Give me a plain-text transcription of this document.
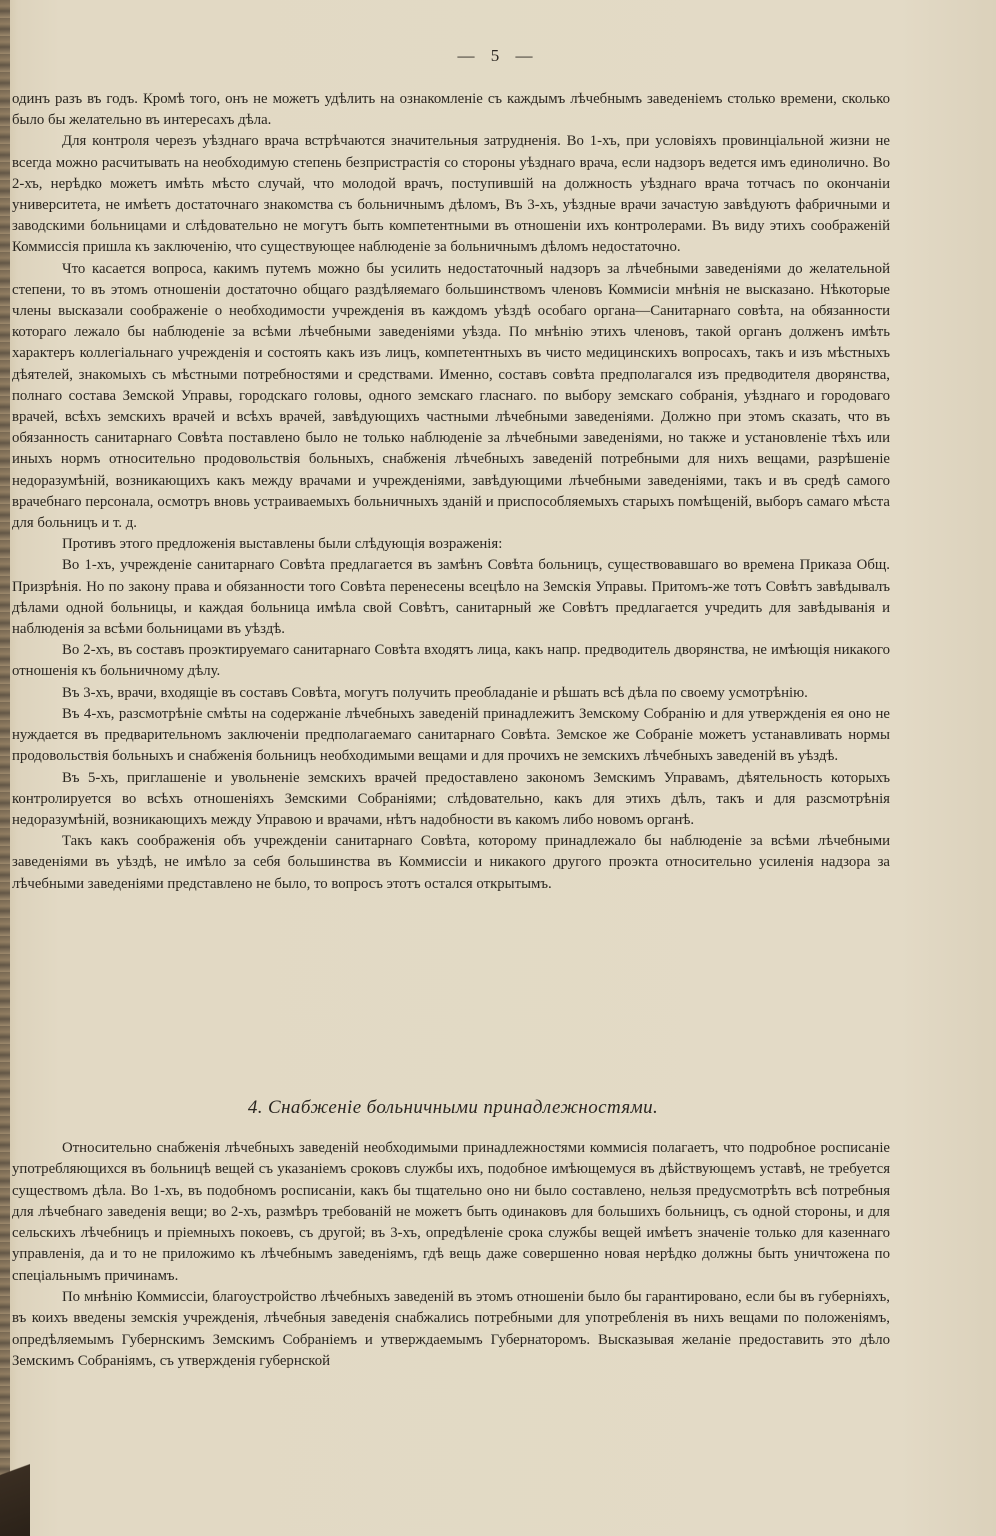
— 5 —

одинъ разъ въ годъ. Кромѣ того, онъ не можетъ удѣлить на ознакомленіе съ каждымъ лѣчебнымъ заведеніемъ столько времени, сколько было бы желательно въ интересахъ дѣла.

Для контроля черезъ уѣзднаго врача встрѣчаются значительныя затрудненія. Во 1-хъ, при условіяхъ провинціальной жизни не всегда можно расчитывать на необходимую степень безпристрастія со стороны уѣзднаго врача, если надзоръ ведется имъ единолично. Во 2-хъ, нерѣдко можетъ имѣть мѣсто случай, что молодой врачъ, поступившій на должность уѣзднаго врача тотчасъ по окончаніи университета, не имѣетъ достаточнаго знакомства съ больничнымъ дѣломъ, Въ 3-хъ, уѣздные врачи зачастую завѣдуютъ фабричными и заводскими больницами и слѣдовательно не могутъ быть компетентными въ отношеніи ихъ контролерами. Въ виду этихъ соображеній Коммиссія пришла къ заключенію, что существующее наблюденіе за больничнымъ дѣломъ недостаточно.

Что касается вопроса, какимъ путемъ можно бы усилить недостаточный надзоръ за лѣчебными заведеніями до желательной степени, то въ этомъ отношеніи достаточно общаго раздѣляемаго большинствомъ членовъ Коммисіи мнѣнія не высказано. Нѣкоторые члены высказали соображеніе о необходимости учрежденія въ каждомъ уѣздѣ особаго органа—Санитарнаго совѣта, на обязанности котораго лежало бы наблюденіе за всѣми лѣчебными заведеніями уѣзда. По мнѣнію этихъ членовъ, такой органъ долженъ имѣть характеръ коллегіальнаго учрежденія и состоять какъ изъ лицъ, компетентныхъ въ чисто медицинскихъ вопросахъ, такъ и изъ мѣстныхъ дѣятелей, знакомыхъ съ мѣстными потребностями и средствами. Именно, составъ совѣта предполагался изъ предводителя дворянства, полнаго состава Земской Управы, городскаго головы, одного земскаго гласнаго. по выбору земскаго собранія, уѣзднаго и городоваго врачей, всѣхъ земскихъ врачей и всѣхъ врачей, завѣдующихъ частными лѣчебными заведеніями. Должно при этомъ сказать, что въ обязанность санитарнаго Совѣта поставлено было не только наблюденіе за лѣчебными заведеніями, но также и установленіе тѣхъ или иныхъ нормъ относительно продовольствія больныхъ, снабженія лѣчебныхъ заведеній потребными для нихъ вещами, разрѣшеніе недоразумѣній, возникающихъ какъ между врачами и учрежденіями, завѣдующими лѣчебными заведеніями, такъ и въ средѣ самого врачебнаго персонала, осмотръ вновь устраиваемыхъ больничныхъ зданій и приспособляемыхъ старыхъ помѣщеній, выборъ самаго мѣста для больницъ и т. д.

Противъ этого предложенія выставлены были слѣдующія возраженія:

Во 1-хъ, учрежденіе санитарнаго Совѣта предлагается въ замѣнъ Совѣта больницъ, существовавшаго во времена Приказа Общ. Призрѣнія. Но по закону права и обязанности того Совѣта перенесены всецѣло на Земскія Управы. Притомъ-же тотъ Совѣтъ завѣдывалъ дѣлами одной больницы, и каждая больница имѣла свой Совѣтъ, санитарный же Совѣтъ предлагается учредить для завѣдыванія и наблюденія за всѣми больницами въ уѣздѣ.

Во 2-хъ, въ составъ проэктируемаго санитарнаго Совѣта входятъ лица, какъ напр. предводитель дворянства, не имѣющія никакого отношенія къ больничному дѣлу.

Въ 3-хъ, врачи, входящіе въ составъ Совѣта, могутъ получить преобладаніе и рѣшать всѣ дѣла по своему усмотрѣнію.

Въ 4-хъ, разсмотрѣніе смѣты на содержаніе лѣчебныхъ заведеній принадлежитъ Земскому Собранію и для утвержденія ея оно не нуждается въ предварительномъ заключеніи предполагаемаго санитарнаго Совѣта. Земское же Собраніе можетъ устанавливать нормы продовольствія больныхъ и снабженія больницъ необходимыми вещами и для прочихъ не земскихъ лѣчебныхъ заведеній въ уѣздѣ.

Въ 5-хъ, приглашеніе и увольненіе земскихъ врачей предоставлено закономъ Земскимъ Управамъ, дѣятельность которыхъ контролируется во всѣхъ отношеніяхъ Земскими Собраніями; слѣдовательно, какъ для этихъ дѣлъ, такъ и для разсмотрѣнія недоразумѣній, возникающихъ между Управою и врачами, нѣтъ надобности въ какомъ либо новомъ органѣ.

Такъ какъ соображенія объ учрежденіи санитарнаго Совѣта, которому принадлежало бы наблюденіе за всѣми лѣчебными заведеніями въ уѣздѣ, не имѣло за себя большинства въ Коммиссіи и никакого другого проэкта относительно усиленія надзора за лѣчебными заведеніями представлено не было, то вопросъ этотъ остался открытымъ.

4. Снабженіе больничными принадлежностями.

Относительно снабженія лѣчебныхъ заведеній необходимыми принадлежностями коммисія полагаетъ, что подробное росписаніе употребляющихся въ больницѣ вещей съ указаніемъ сроковъ службы ихъ, подобное имѣющемуся въ дѣйствующемъ уставѣ, не требуется существомъ дѣла. Во 1-хъ, въ подобномъ росписаніи, какъ бы тщательно оно ни было составлено, нельзя предусмотрѣть всѣ потребныя для лѣчебнаго заведенія вещи; во 2-хъ, размѣръ требованій не можетъ быть одинаковъ для большихъ больницъ, съ одной стороны, и для сельскихъ лѣчебницъ и пріемныхъ покоевъ, съ другой; въ 3-хъ, опредѣленіе срока службы вещей имѣетъ значеніе только для казеннаго управленія, да и то не приложимо къ лѣчебнымъ заведеніямъ, гдѣ вещь даже совершенно новая нерѣдко должны быть уничтожена по спеціальнымъ причинамъ.

По мнѣнію Коммиссіи, благоустройство лѣчебныхъ заведеній въ этомъ отношеніи было бы гарантировано, если бы въ губерніяхъ, въ коихъ введены земскія учрежденія, лѣчебныя заведенія снабжались потребными для употребленія въ нихъ вещами по положеніямъ, опредѣляемымъ Губернскимъ Земскимъ Собраніемъ и утверждаемымъ Губернаторомъ. Высказывая желаніе предоставить это дѣло Земскимъ Собраніямъ, съ утвержденія губернской
